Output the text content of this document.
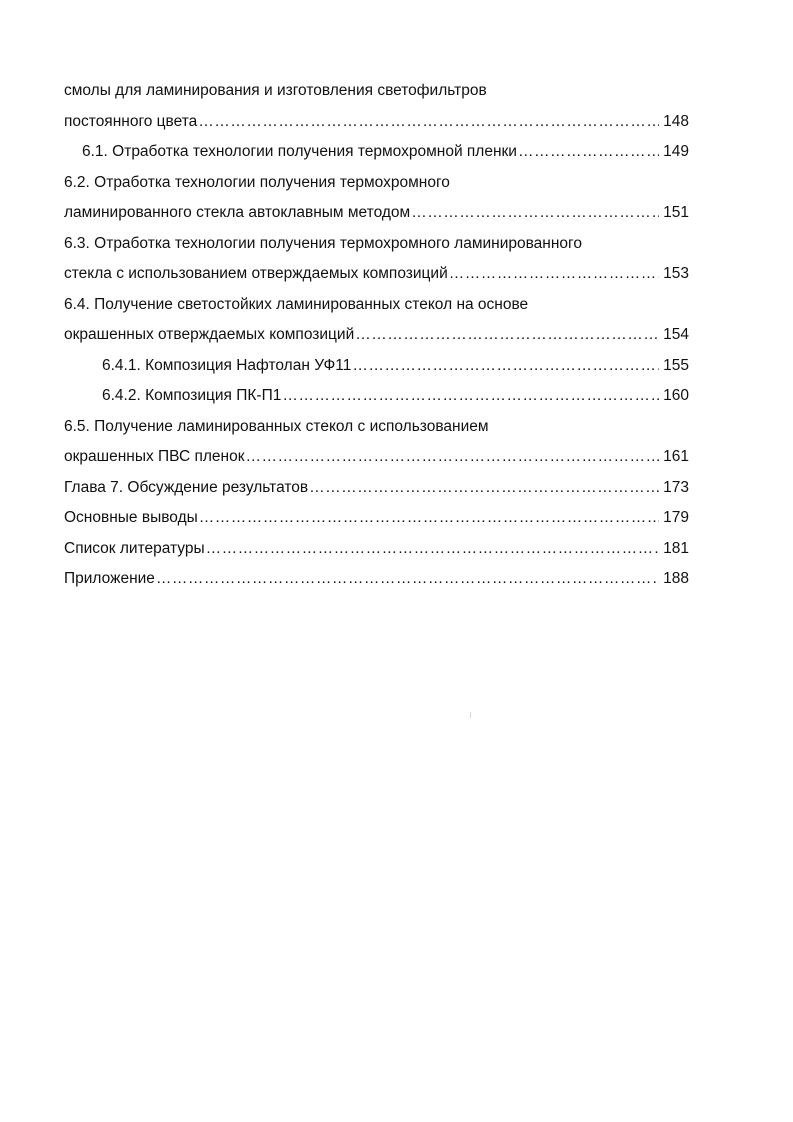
смолы для ламинирования и изготовления светофильтров
постоянного цвета ………………………………………………………………………………………………………………………………………………………………	148
6.1. Отработка технологии получения термохромной пленки ………………………………………………………………………………………………………………………………………………………………	149
6.2. Отработка технологии получения термохромного
ламинированного стекла автоклавным методом ………………………………………………………………………………………………………………………………………………………………	151
6.3. Отработка технологии получения термохромного ламинированного
стекла с использованием отверждаемых композиций ………………………………………………………………………………………………………………………………………………………………	153
6.4. Получение светостойких ламинированных стекол на основе
окрашенных отверждаемых композиций ………………………………………………………………………………………………………………………………………………………………	154
6.4.1. Композиция Нафтолан УФ11 ………………………………………………………………………………………………………………………………………………………………	155
6.4.2. Композиция ПК-П1 ………………………………………………………………………………………………………………………………………………………………	160
6.5. Получение ламинированных стекол с использованием
окрашенных ПВС пленок ………………………………………………………………………………………………………………………………………………………………	161
Глава 7. Обсуждение результатов ………………………………………………………………………………………………………………………………………………………………	173
Основные выводы ………………………………………………………………………………………………………………………………………………………………	179
Список литературы ………………………………………………………………………………………………………………………………………………………………	181
Приложение ………………………………………………………………………………………………………………………………………………………………	188
